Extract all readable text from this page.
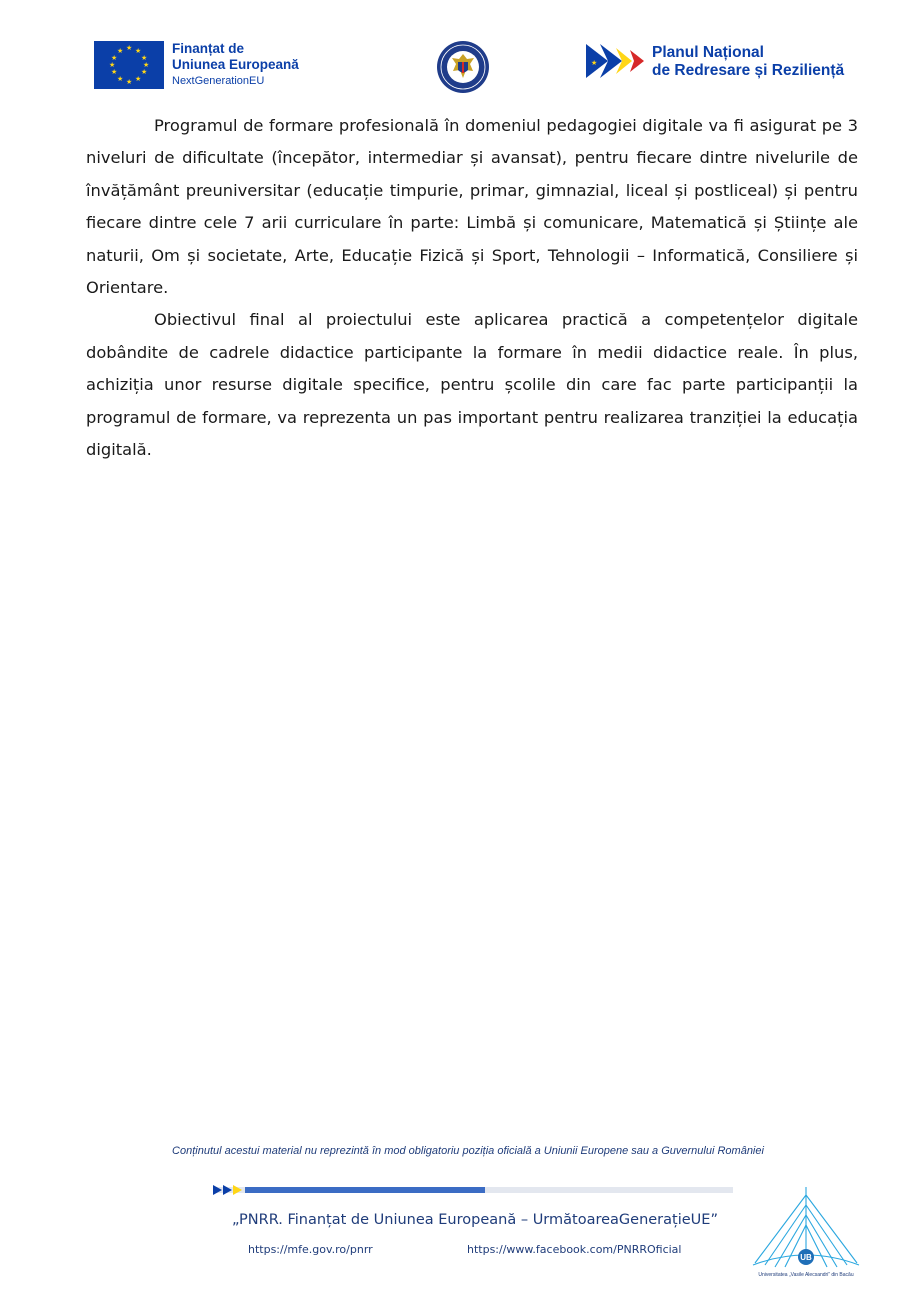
★ ★
★
★
★
★
★
★
★
★
★
★	Finanțat de
Uniunea Europeană
NextGenerationEU
★
Planul Național
de Redresare și Reziliență

Programul de formare profesională în domeniul pedagogiei digitale va fi asigurat pe 3 niveluri de dificultate (începător, intermediar și avansat), pentru fiecare dintre nivelurile de învățământ preuniversitar (educație timpurie, primar, gimnazial, liceal și postliceal) și pentru fiecare dintre cele 7 arii curriculare în parte: Limbă și comunicare, Matematică și Științe ale naturii, Om și societate, Arte, Educație Fizică și Sport, Tehnologii – Informatică, Consiliere și Orientare.

Obiectivul final al proiectului este aplicarea practică a competențelor digitale dobândite de cadrele didactice participante la formare în medii didactice reale. În plus, achiziția unor resurse digitale specifice, pentru școlile din care fac parte participanții la programul de formare, va reprezenta un pas important pentru realizarea tranziției la educația digitală.

Conținutul acestui material nu reprezintă în mod obligatoriu poziția oficială a Uniunii Europene sau a Guvernului României
„PNRR. Finanțat de Uniunea Europeană – UrmătoareaGenerațieUE”
https://mfe.gov.ro/pnrr	https://www.facebook.com/PNRROficial
UB
Universitatea „Vasile Alecsandri” din Bacău
